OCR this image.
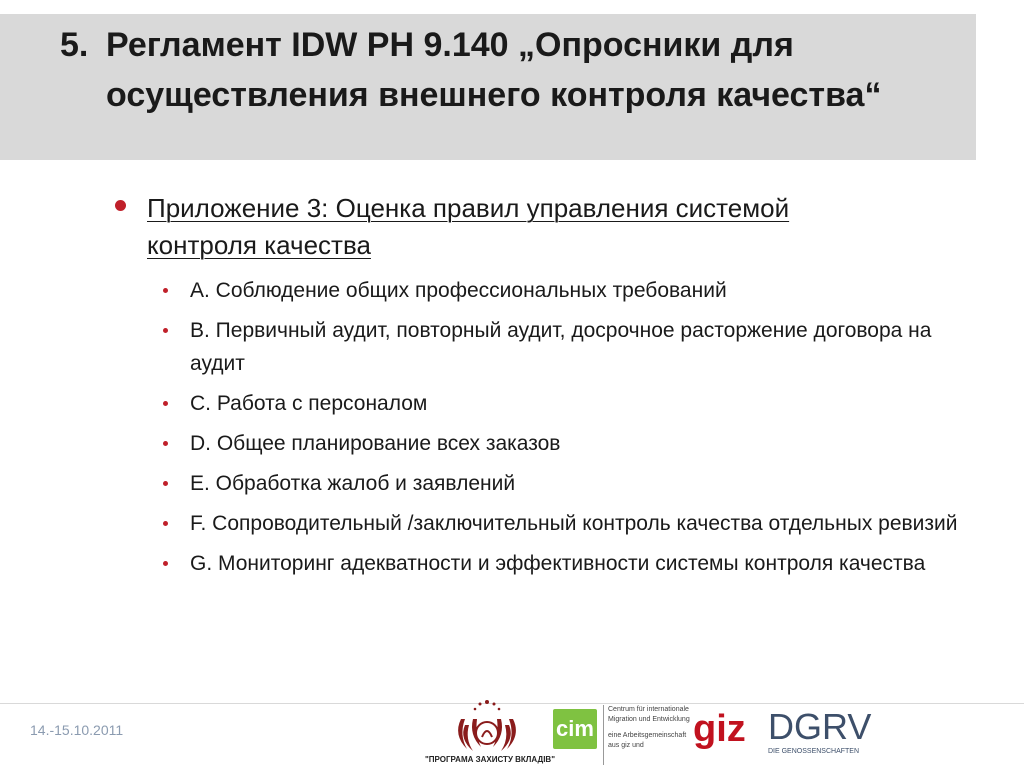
5. Регламент IDW PH 9.140 „Опросники для осуществления внешнего контроля качества“
Приложение 3: Оценка правил управления системой контроля качества
A. Соблюдение общих профессиональных требований
B. Первичный аудит, повторный аудит, досрочное расторжение договора на аудит
C. Работа с персоналом
D. Общее планирование всех заказов
E. Обработка жалоб и заявлений
F. Сопроводительный /заключительный контроль качества отдельных ревизий
G. Мониторинг адекватности и эффективности системы контроля качества
14.-15.10.2011
"ПРОГРАМА ЗАХИСТУ ВКЛАДІВ"
cim
Centrum für internationale
Migration und Entwicklung
eine Arbeitsgemeinschaft
aus giz und	giz DGRV
DIE GENOSSENSCHAFTEN
